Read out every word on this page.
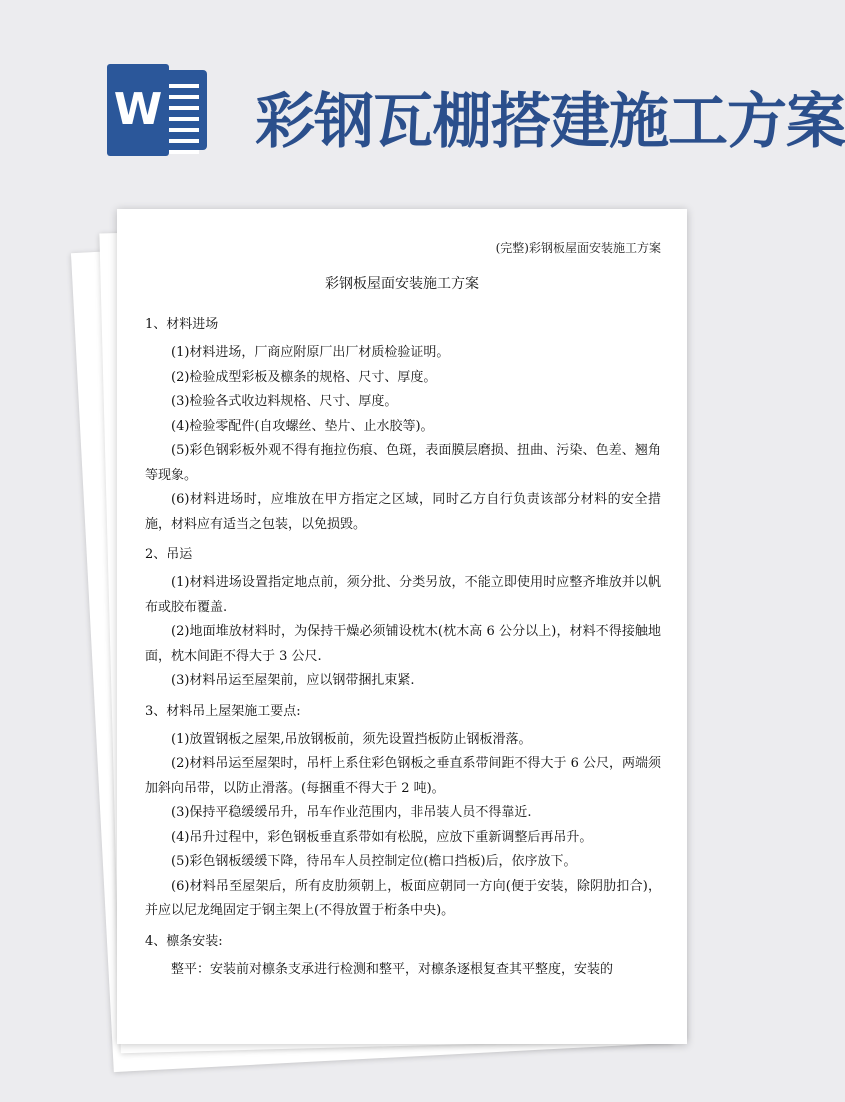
W 彩钢瓦棚搭建施工方案
(完整)彩钢板屋面安装施工方案
彩钢板屋面安装施工方案
1、材料进场
(1)材料进场，厂商应附原厂出厂材质检验证明。
(2)检验成型彩板及檩条的规格、尺寸、厚度。
(3)检验各式收边料规格、尺寸、厚度。
(4)检验零配件(自攻螺丝、垫片、止水胶等)。
(5)彩色钢彩板外观不得有拖拉伤痕、色斑，表面膜层磨损、扭曲、污染、色差、翘角等现象。
(6)材料进场时，应堆放在甲方指定之区域，同时乙方自行负责该部分材料的安全措施，材料应有适当之包装，以免损毁。
2、吊运
(1)材料进场设置指定地点前，须分批、分类另放，不能立即使用时应整齐堆放并以帆布或胶布覆盖.
(2)地面堆放材料时，为保持干燥必须铺设枕木(枕木高 6 公分以上)，材料不得接触地面，枕木间距不得大于 3 公尺.
(3)材料吊运至屋架前，应以钢带捆扎束紧.
3、材料吊上屋架施工要点:
(1)放置钢板之屋架,吊放钢板前，须先设置挡板防止钢板滑落。
(2)材料吊运至屋架时，吊杆上系住彩色钢板之垂直系带间距不得大于 6 公尺，两端须加斜向吊带，以防止滑落。(每捆重不得大于 2 吨)。
(3)保持平稳缓缓吊升，吊车作业范围内，非吊装人员不得靠近.
(4)吊升过程中，彩色钢板垂直系带如有松脱，应放下重新调整后再吊升。
(5)彩色钢板缓缓下降，待吊车人员控制定位(檐口挡板)后，依序放下。
(6)材料吊至屋架后，所有皮肋须朝上，板面应朝同一方向(便于安装，除阴肋扣合)，并应以尼龙绳固定于钢主架上(不得放置于桁条中央)。
4、檩条安装:
整平：安装前对檩条支承进行检测和整平，对檩条逐根复查其平整度，安装的
